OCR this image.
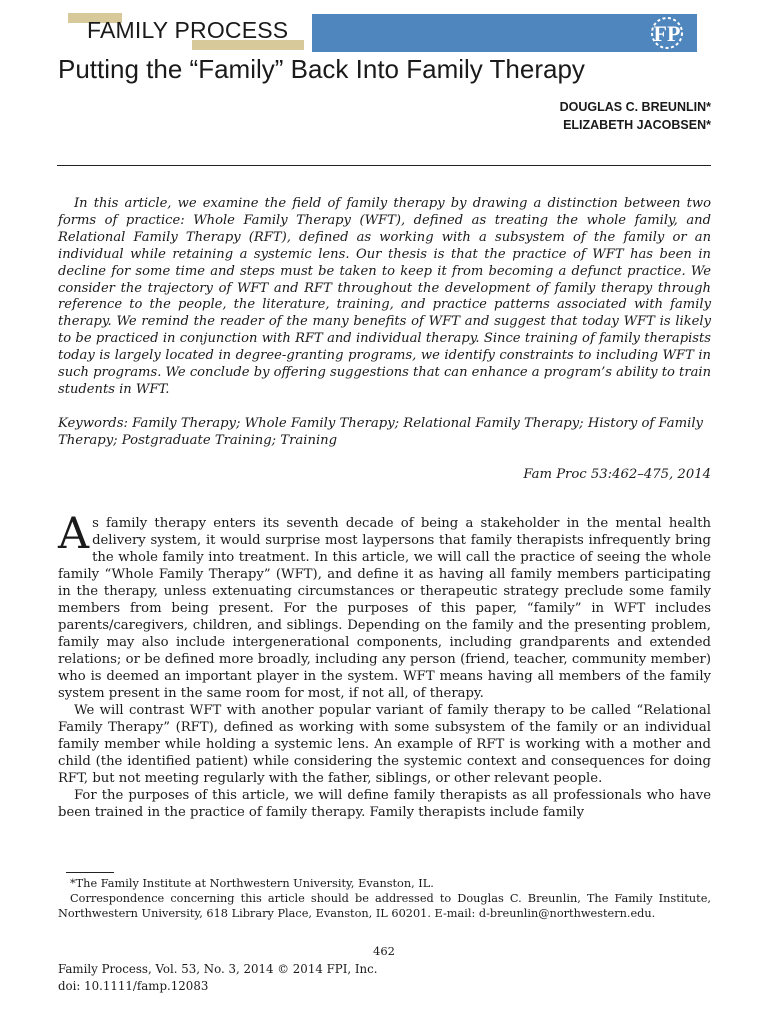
FAMILY PROCESS	FP
Putting the “Family” Back Into Family Therapy
DOUGLAS C. BREUNLIN*
ELIZABETH JACOBSEN*

In this article, we examine the field of family therapy by drawing a distinction between two forms of practice: Whole Family Therapy (WFT), defined as treating the whole family, and Relational Family Therapy (RFT), defined as working with a subsystem of the family or an individual while retaining a systemic lens. Our thesis is that the practice of WFT has been in decline for some time and steps must be taken to keep it from becoming a defunct practice. We consider the trajectory of WFT and RFT throughout the development of family therapy through reference to the people, the literature, training, and practice patterns associated with family therapy. We remind the reader of the many benefits of WFT and suggest that today WFT is likely to be practiced in conjunction with RFT and individual therapy. Since training of family therapists today is largely located in degree-granting programs, we identify constraints to including WFT in such programs. We conclude by offering suggestions that can enhance a program’s ability to train students in WFT.

Keywords: Family Therapy; Whole Family Therapy; Relational Family Therapy; History of Family Therapy; Postgraduate Training; Training

Fam Proc 53:462–475, 2014

As family therapy enters its seventh decade of being a stakeholder in the mental health delivery system, it would surprise most laypersons that family therapists infrequently bring the whole family into treatment. In this article, we will call the practice of seeing the whole family “Whole Family Therapy” (WFT), and define it as having all family members participating in the therapy, unless extenuating circumstances or therapeutic strategy preclude some family members from being present. For the purposes of this paper, “family” in WFT includes parents/caregivers, children, and siblings. Depending on the family and the presenting problem, family may also include intergenerational components, including grandparents and extended relations; or be defined more broadly, including any person (friend, teacher, community member) who is deemed an important player in the system. WFT means having all members of the family system present in the same room for most, if not all, of therapy.

We will contrast WFT with another popular variant of family therapy to be called “Relational Family Therapy” (RFT), defined as working with some subsystem of the family or an individual family member while holding a systemic lens. An example of RFT is working with a mother and child (the identified patient) while considering the systemic context and consequences for doing RFT, but not meeting regularly with the father, siblings, or other relevant people.

For the purposes of this article, we will define family therapists as all professionals who have been trained in the practice of family therapy. Family therapists include family

*The Family Institute at Northwestern University, Evanston, IL.

Correspondence concerning this article should be addressed to Douglas C. Breunlin, The Family Institute, Northwestern University, 618 Library Place, Evanston, IL 60201. E-mail: d-breunlin@northwestern.edu.

462
Family Process, Vol. 53, No. 3, 2014 © 2014 FPI, Inc.
doi: 10.1111/famp.12083
